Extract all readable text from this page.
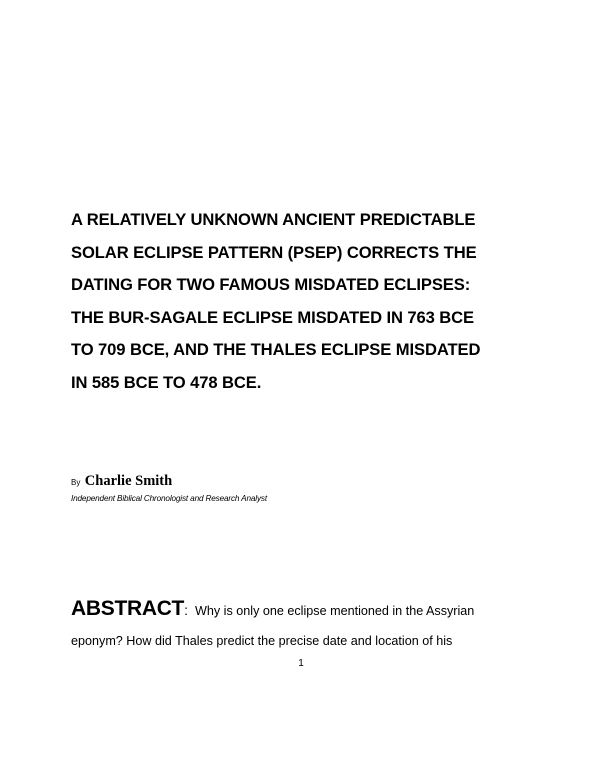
A RELATIVELY UNKNOWN ANCIENT PREDICTABLE
SOLAR ECLIPSE PATTERN (PSEP) CORRECTS THE
DATING FOR TWO FAMOUS MISDATED ECLIPSES:
THE BUR-SAGALE ECLIPSE MISDATED IN 763 BCE
TO 709 BCE, AND THE THALES ECLIPSE MISDATED
IN 585 BCE TO 478 BCE.
By Charlie Smith
Independent Biblical Chronologist and Research Analyst
ABSTRACT: Why is only one eclipse mentioned in the Assyrian
eponym? How did Thales predict the precise date and location of his
1
